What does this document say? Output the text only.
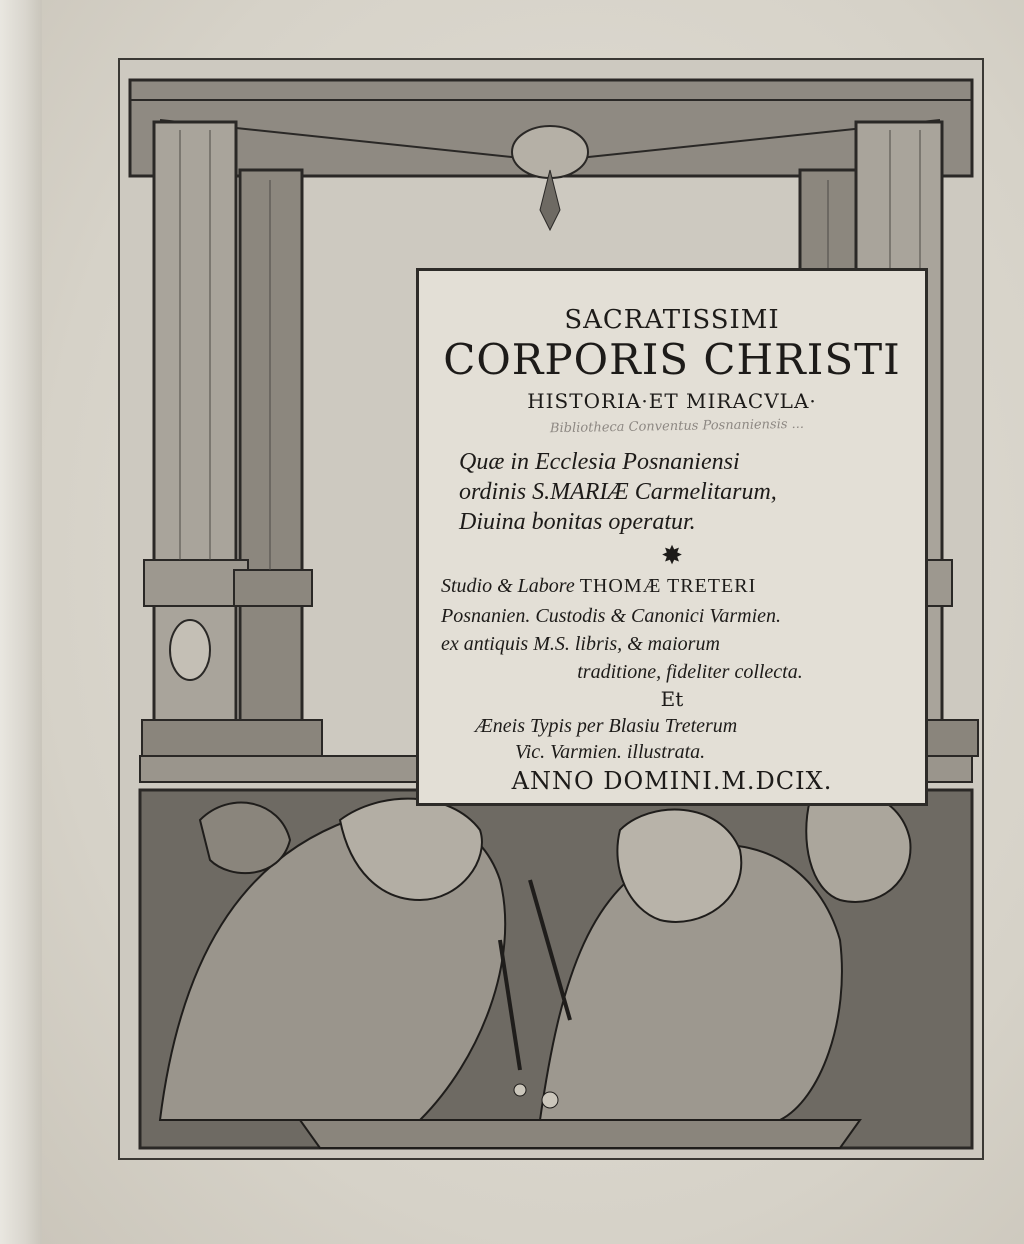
SACRATISSIMI
CORPORIS CHRISTI
HISTORIA·ET MIRACVLA·
Bibliotheca Conventus Posnaniensis ...
Quæ in Ecclesia Posnaniensi
ordinis S.MARIÆ Carmelitarum,
Diuina bonitas operatur.
✸
Studio & Labore THOMÆ TRETERI
Posnanien. Custodis & Canonici Varmien.
ex antiquis M.S. libris, & maiorum
traditione, fideliter collecta.
Et
Æneis Typis per Blasiu Treterum
Vic. Varmien. illustrata.
ANNO DOMINI.M.DCIX.
